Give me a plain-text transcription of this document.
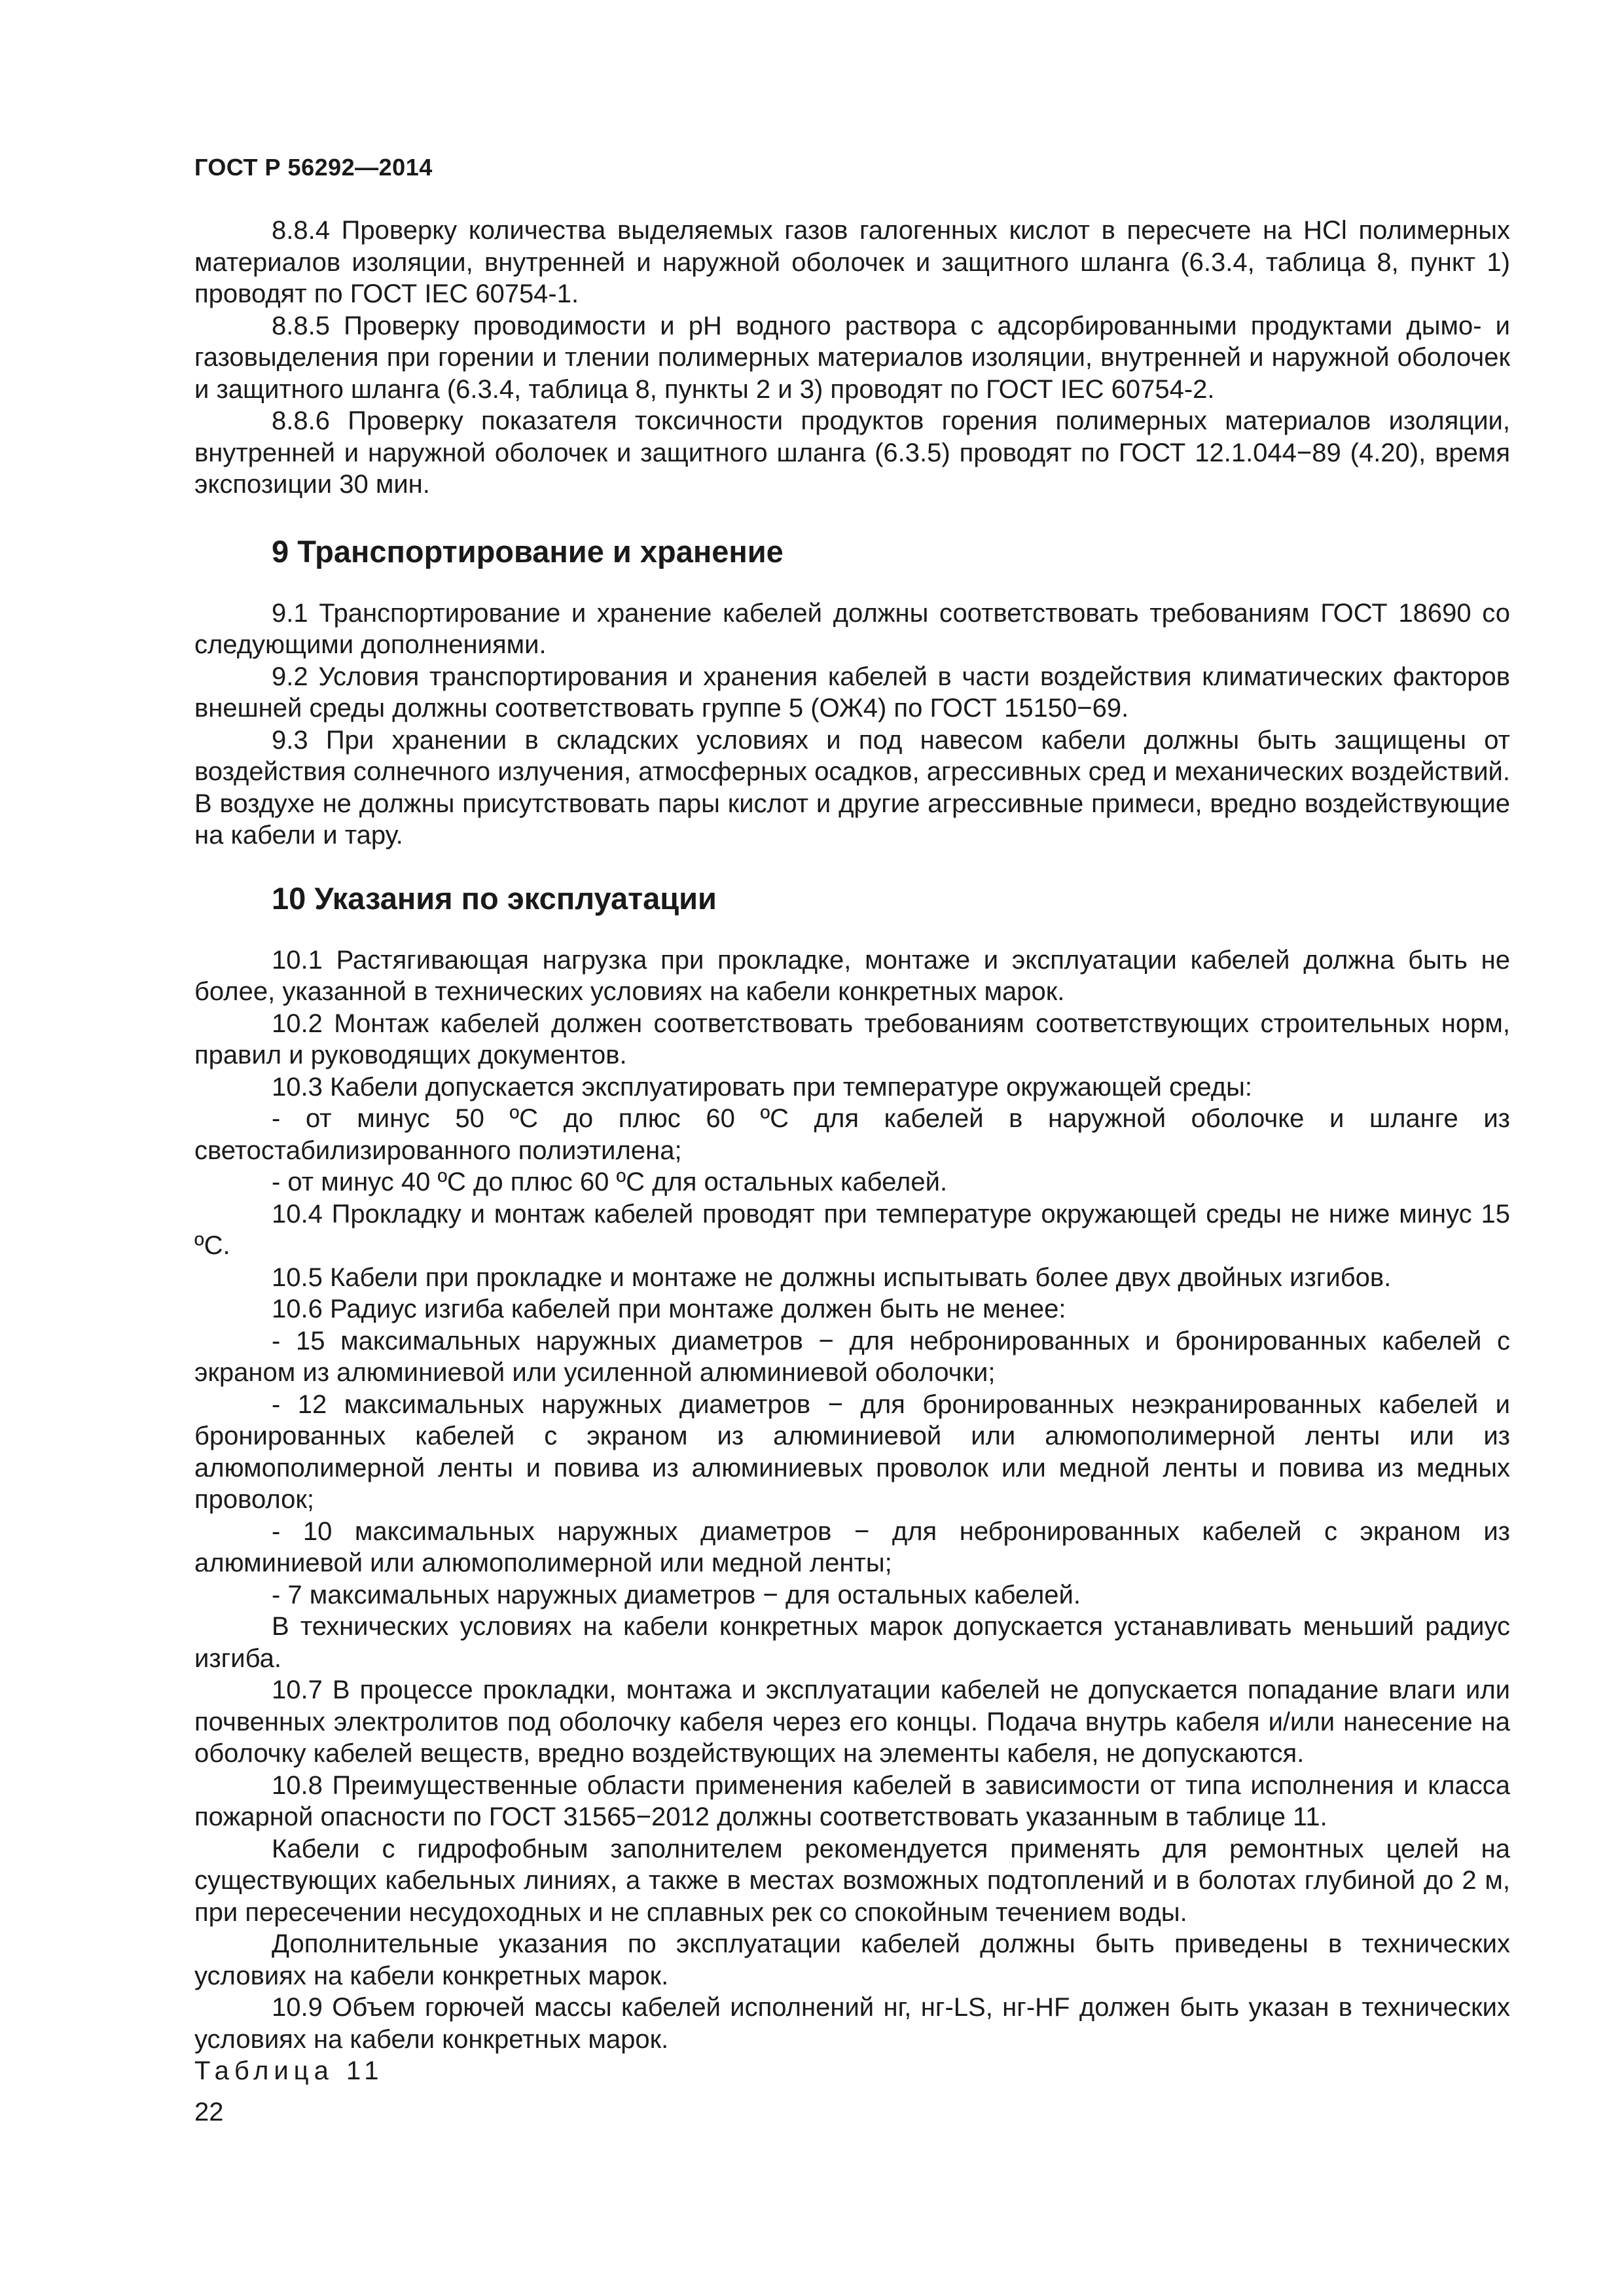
ГОСТ Р 56292—2014

8.8.4 Проверку количества выделяемых газов галогенных кислот в пересчете на HCl полимерных материалов изоляции, внутренней и наружной оболочек и защитного шланга (6.3.4, таблица 8, пункт 1) проводят по ГОСТ IEC 60754-1.

8.8.5 Проверку проводимости и pH водного раствора с адсорбированными продуктами дымо- и газовыделения при горении и тлении полимерных материалов изоляции, внутренней и наружной оболочек и защитного шланга (6.3.4, таблица 8, пункты 2 и 3) проводят по ГОСТ IEC 60754-2.

8.8.6 Проверку показателя токсичности продуктов горения полимерных материалов изоляции, внутренней и наружной оболочек и защитного шланга (6.3.5) проводят по ГОСТ 12.1.044−89 (4.20), время экспозиции 30 мин.

9 Транспортирование и хранение

9.1 Транспортирование и хранение кабелей должны соответствовать требованиям ГОСТ 18690 со следующими дополнениями.

9.2 Условия транспортирования и хранения кабелей в части воздействия климатических факторов внешней среды должны соответствовать группе 5 (ОЖ4) по ГОСТ 15150−69.

9.3 При хранении в складских условиях и под навесом кабели должны быть защищены от воздействия солнечного излучения, атмосферных осадков, агрессивных сред и механических воздействий. В воздухе не должны присутствовать пары кислот и другие агрессивные примеси, вредно воздействующие на кабели и тару.

10 Указания по эксплуатации

10.1 Растягивающая нагрузка при прокладке, монтаже и эксплуатации кабелей должна быть не более, указанной в технических условиях на кабели конкретных марок.

10.2 Монтаж кабелей должен соответствовать требованиям соответствующих строительных норм, правил и руководящих документов.

10.3 Кабели допускается эксплуатировать при температуре окружающей среды:

- от минус 50 ºС до плюс 60 ºС для кабелей в наружной оболочке и шланге из светостабилизированного полиэтилена;

- от минус 40 ºС до плюс 60 ºС для остальных кабелей.

10.4 Прокладку и монтаж кабелей проводят при температуре окружающей среды не ниже минус 15 ºС.

10.5 Кабели при прокладке и монтаже не должны испытывать более двух двойных изгибов.

10.6 Радиус изгиба кабелей при монтаже должен быть не менее:

- 15 максимальных наружных диаметров − для небронированных и бронированных кабелей с экраном из алюминиевой или усиленной алюминиевой оболочки;

- 12 максимальных наружных диаметров − для бронированных неэкранированных кабелей и бронированных кабелей с экраном из алюминиевой или алюмополимерной ленты или из алюмополимерной ленты и повива из алюминиевых проволок или медной ленты и повива из медных проволок;

- 10 максимальных наружных диаметров − для небронированных кабелей с экраном из алюминиевой или алюмополимерной или медной ленты;

- 7 максимальных наружных диаметров − для остальных кабелей.

В технических условиях на кабели конкретных марок допускается устанавливать меньший радиус изгиба.

10.7 В процессе прокладки, монтажа и эксплуатации кабелей не допускается попадание влаги или почвенных электролитов под оболочку кабеля через его концы. Подача внутрь кабеля и/или нанесение на оболочку кабелей веществ, вредно воздействующих на элементы кабеля, не допускаются.

10.8 Преимущественные области применения кабелей в зависимости от типа исполнения и класса пожарной опасности по ГОСТ 31565−2012 должны соответствовать указанным в таблице 11.

Кабели с гидрофобным заполнителем рекомендуется применять для ремонтных целей на существующих кабельных линиях, а также в местах возможных подтоплений и в болотах глубиной до 2 м, при пересечении несудоходных и не сплавных рек со спокойным течением воды.

Дополнительные указания по эксплуатации кабелей должны быть приведены в технических условиях на кабели конкретных марок.

10.9 Объем горючей массы кабелей исполнений нг, нг-LS, нг-HF должен быть указан в технических условиях на кабели конкретных марок.

Таблица 11

22
